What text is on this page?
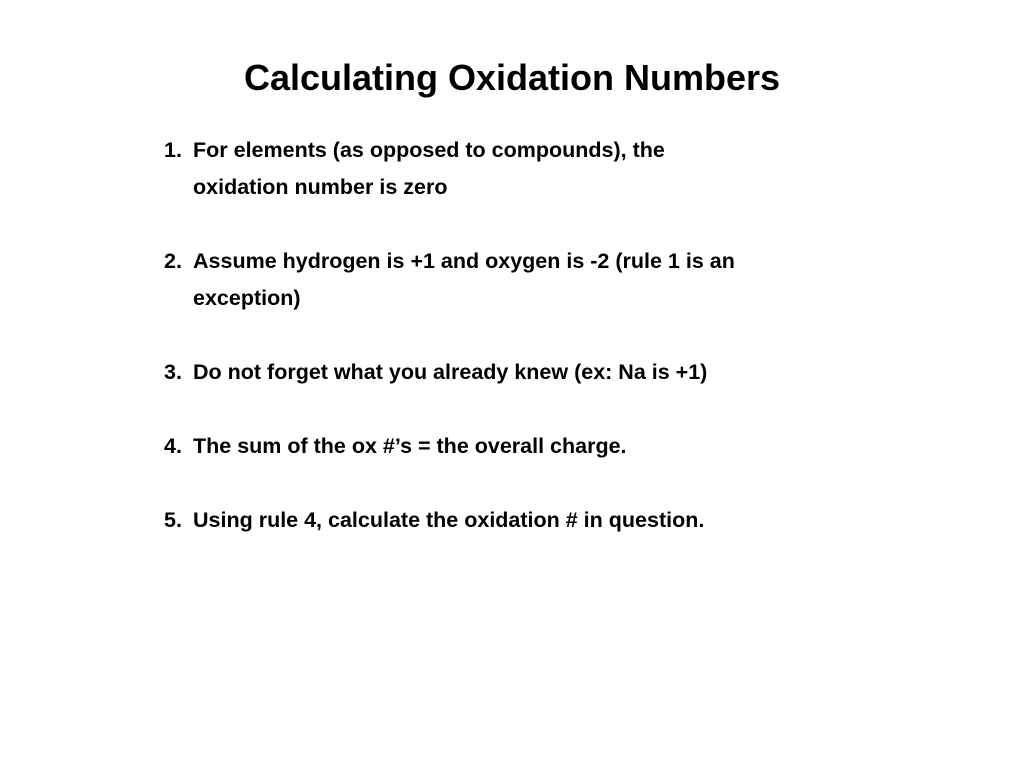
Calculating Oxidation Numbers
1. For elements (as opposed to compounds), the oxidation number is zero
2. Assume hydrogen is +1 and oxygen is -2 (rule 1 is an exception)
3. Do not forget what you already knew (ex: Na is +1)
4. The sum of the ox #’s = the overall charge.
5. Using rule 4, calculate the oxidation # in question.
